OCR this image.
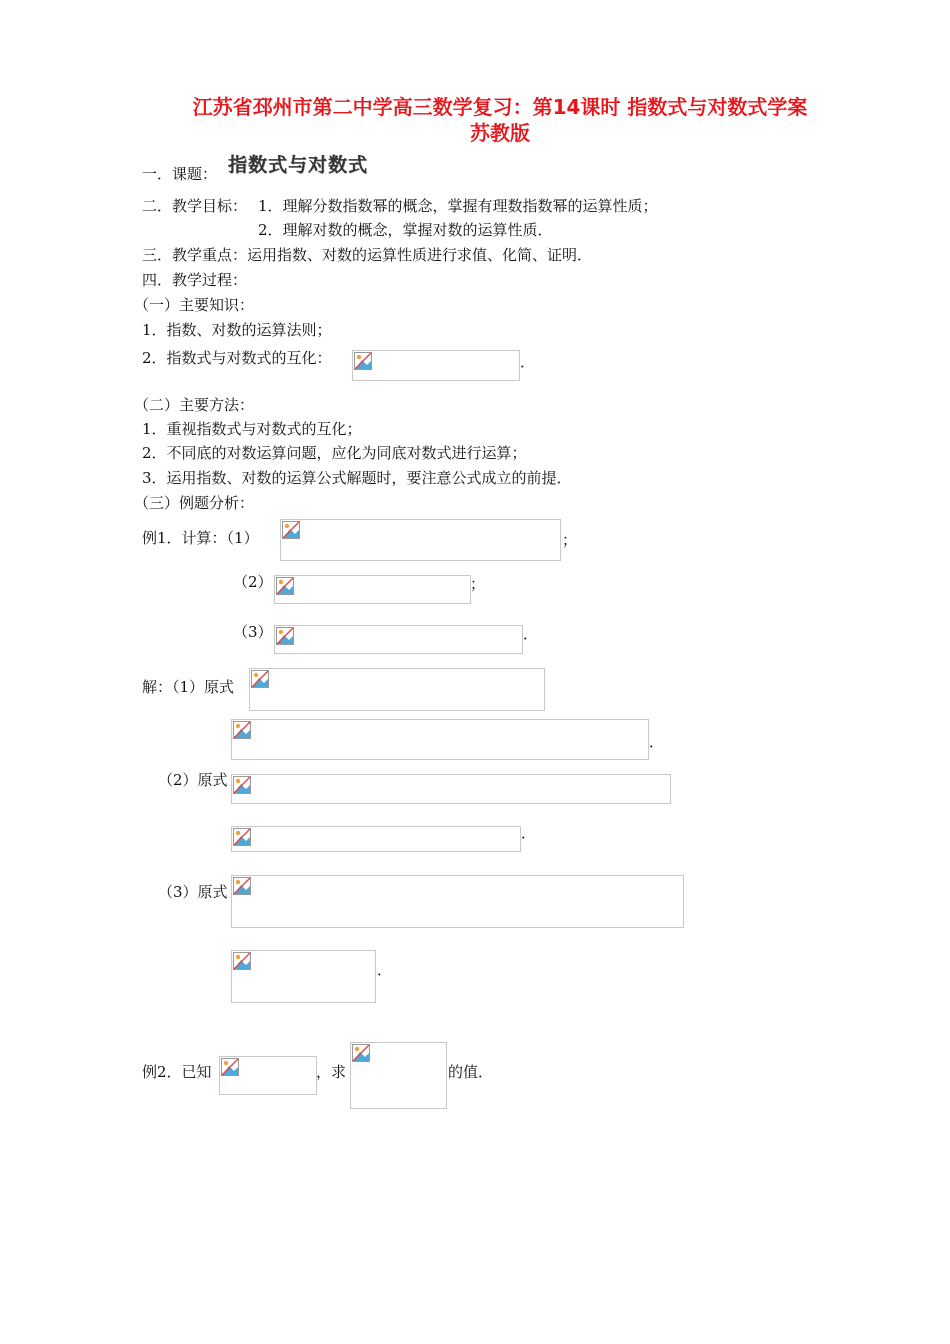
江苏省邳州市第二中学高三数学复习：第14课时 指数式与对数式学案
苏教版
一．课题： 指数式与对数式
二．教学目标： 1．理解分数指数幂的概念，掌握有理数指数幂的运算性质；
2．理解对数的概念，掌握对数的运算性质．
三．教学重点：运用指数、对数的运算性质进行求值、化简、证明．
四．教学过程：
（一）主要知识：
1．指数、对数的运算法则；
2．指数式与对数式的互化：	．
（二）主要方法：
1．重视指数式与对数式的互化；
2．不同底的对数运算问题，应化为同底对数式进行运算；
3．运用指数、对数的运算公式解题时，要注意公式成立的前提．
（三）例题分析：
例1．计算：（1）	；
（2）	；
（3）	．
解：（1）原式
．
（2）原式
．
（3）原式
．
例2．已知	，求	的值．
